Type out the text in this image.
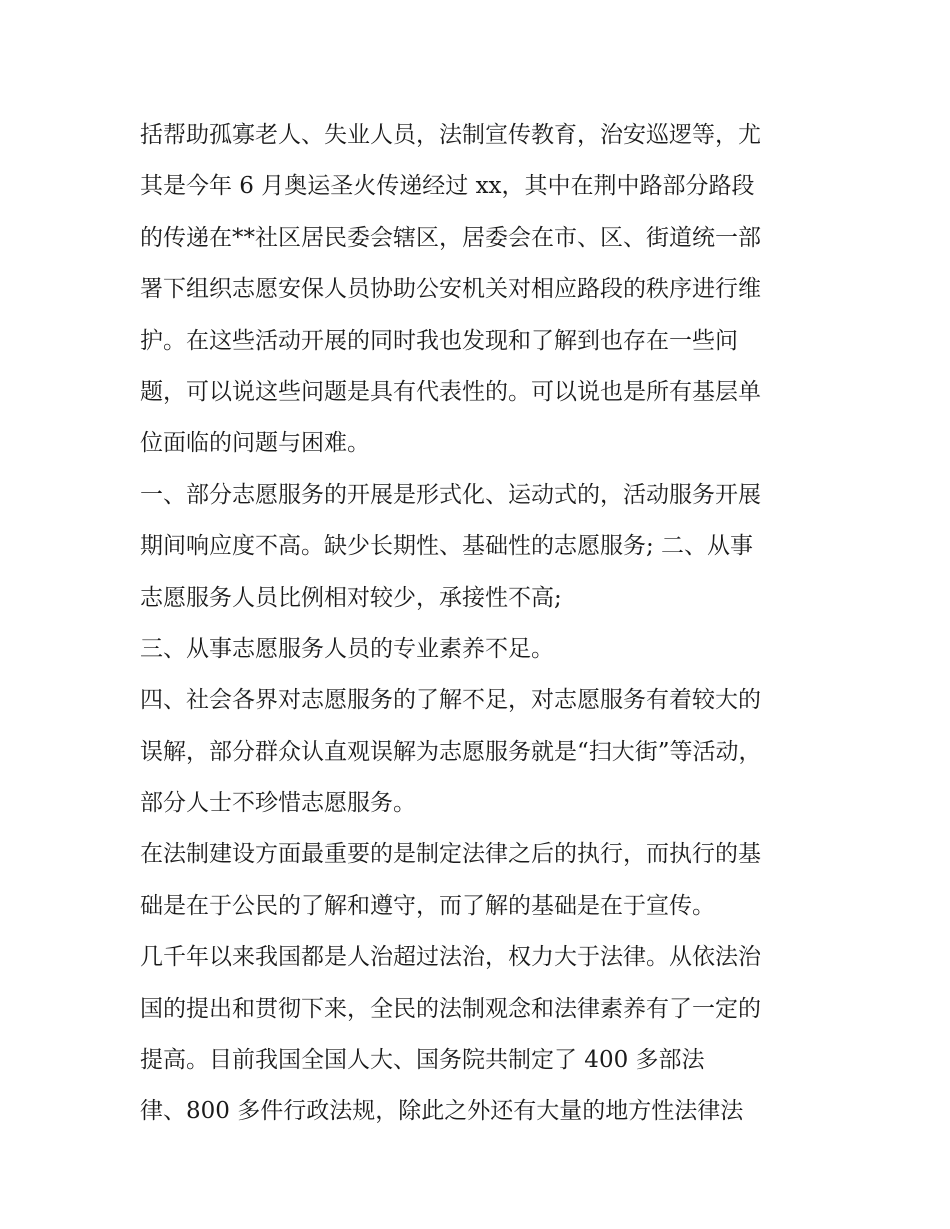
括帮助孤寡老人、失业人员，法制宣传教育，治安巡逻等，尤
其是今年 6 月奥运圣火传递经过 xx，其中在荆中路部分路段
的传递在**社区居民委会辖区，居委会在市、区、街道统一部
署下组织志愿安保人员协助公安机关对相应路段的秩序进行维
护。在这些活动开展的同时我也发现和了解到也存在一些问
题，可以说这些问题是具有代表性的。可以说也是所有基层单
位面临的问题与困难。
一、部分志愿服务的开展是形式化、运动式的，活动服务开展
期间响应度不高。缺少长期性、基础性的志愿服务; 二、从事
志愿服务人员比例相对较少，承接性不高;
三、从事志愿服务人员的专业素养不足。
四、社会各界对志愿服务的了解不足，对志愿服务有着较大的
误解，部分群众认直观误解为志愿服务就是“扫大街”等活动，
部分人士不珍惜志愿服务。
在法制建设方面最重要的是制定法律之后的执行，而执行的基
础是在于公民的了解和遵守，而了解的基础是在于宣传。
几千年以来我国都是人治超过法治，权力大于法律。从依法治
国的提出和贯彻下来，全民的法制观念和法律素养有了一定的
提高。目前我国全国人大、国务院共制定了 400 多部法
律、800 多件行政法规，除此之外还有大量的地方性法律法
